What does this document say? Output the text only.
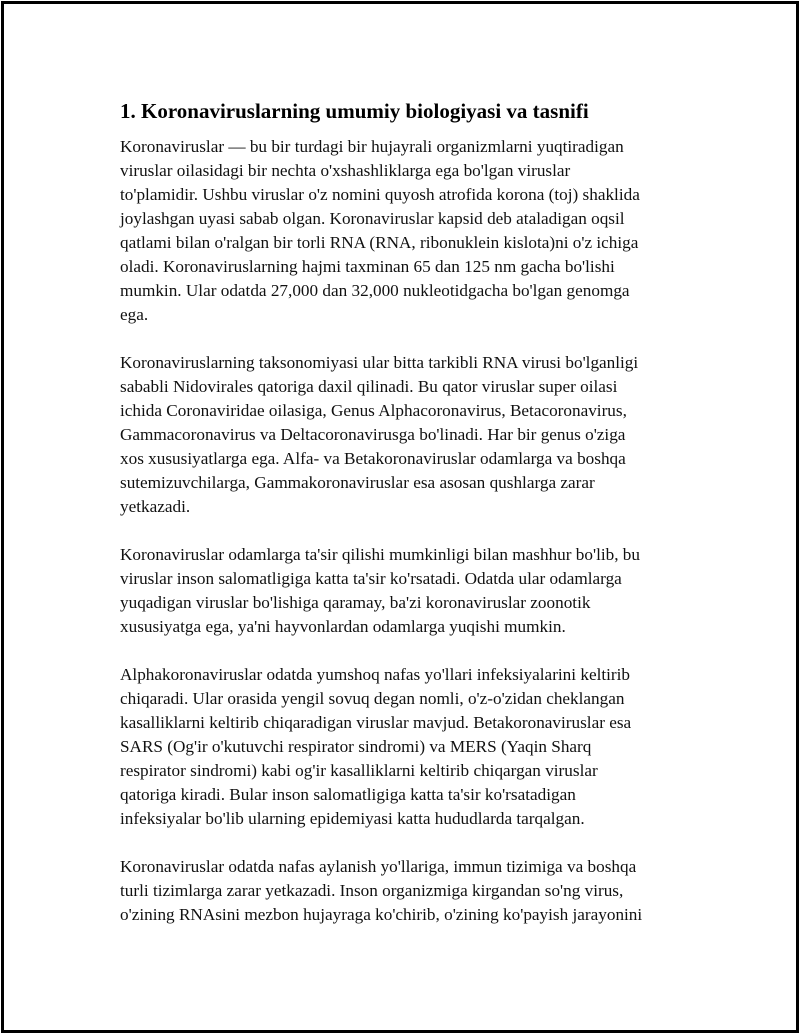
1. Koronaviruslarning umumiy biologiyasi va tasnifi

Koronaviruslar — bu bir turdagi bir hujayrali organizmlarni yuqtiradigan
viruslar oilasidagi bir nechta o'xshashliklarga ega bo'lgan viruslar
to'plamidir. Ushbu viruslar o'z nomini quyosh atrofida korona (toj) shaklida
joylashgan uyasi sabab olgan. Koronaviruslar kapsid deb ataladigan oqsil
qatlami bilan o'ralgan bir torli RNA (RNA, ribonuklein kislota)ni o'z ichiga
oladi. Koronaviruslarning hajmi taxminan 65 dan 125 nm gacha bo'lishi
mumkin. Ular odatda 27,000 dan 32,000 nukleotidgacha bo'lgan genomga
ega.

Koronaviruslarning taksonomiyasi ular bitta tarkibli RNA virusi bo'lganligi
sababli Nidovirales qatoriga daxil qilinadi. Bu qator viruslar super oilasi
ichida Coronaviridae oilasiga, Genus Alphacoronavirus, Betacoronavirus,
Gammacoronavirus va Deltacoronavirusga bo'linadi. Har bir genus o'ziga
xos xususiyatlarga ega. Alfa- va Betakoronaviruslar odamlarga va boshqa
sutemizuvchilarga, Gammakoronaviruslar esa asosan qushlarga zarar
yetkazadi.

Koronaviruslar odamlarga ta'sir qilishi mumkinligi bilan mashhur bo'lib, bu
viruslar inson salomatligiga katta ta'sir ko'rsatadi. Odatda ular odamlarga
yuqadigan viruslar bo'lishiga qaramay, ba'zi koronaviruslar zoonotik
xususiyatga ega, ya'ni hayvonlardan odamlarga yuqishi mumkin.

Alphakoronaviruslar odatda yumshoq nafas yo'llari infeksiyalarini keltirib
chiqaradi. Ular orasida yengil sovuq degan nomli, o'z-o'zidan cheklangan
kasalliklarni keltirib chiqaradigan viruslar mavjud. Betakoronaviruslar esa
SARS (Og'ir o'kutuvchi respirator sindromi) va MERS (Yaqin Sharq
respirator sindromi) kabi og'ir kasalliklarni keltirib chiqargan viruslar
qatoriga kiradi. Bular inson salomatligiga katta ta'sir ko'rsatadigan
infeksiyalar bo'lib ularning epidemiyasi katta hududlarda tarqalgan.

Koronaviruslar odatda nafas aylanish yo'llariga, immun tizimiga va boshqa
turli tizimlarga zarar yetkazadi. Inson organizmiga kirgandan so'ng virus,
o'zining RNAsini mezbon hujayraga ko'chirib, o'zining ko'payish jarayonini
